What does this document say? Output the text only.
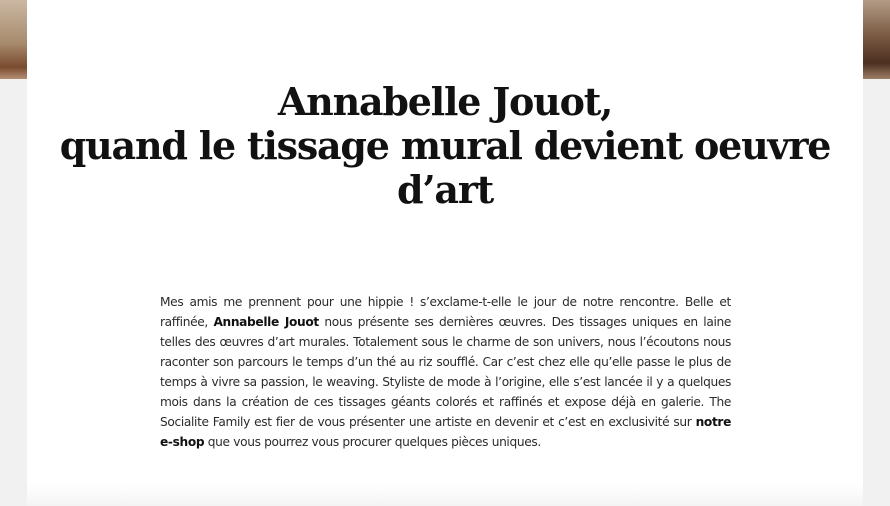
Annabelle Jouot,
quand le tissage mural devient oeuvre
d’art

Mes amis me prennent pour une hippie ! s’exclame-t-elle le jour de notre rencontre. Belle et raffinée, Annabelle Jouot nous présente ses dernières œuvres. Des tissages uniques en laine telles des œuvres d’art murales. Totalement sous le charme de son univers, nous l’écoutons nous raconter son parcours le temps d’un thé au riz soufflé. Car c’est chez elle qu’elle passe le plus de temps à vivre sa passion, le weaving. Styliste de mode à l’origine, elle s’est lancée il y a quelques mois dans la création de ces tissages géants colorés et raffinés et expose déjà en galerie. The Socialite Family est fier de vous présenter une artiste en devenir et c’est en exclusivité sur notre e-shop que vous pourrez vous procurer quelques pièces uniques.
